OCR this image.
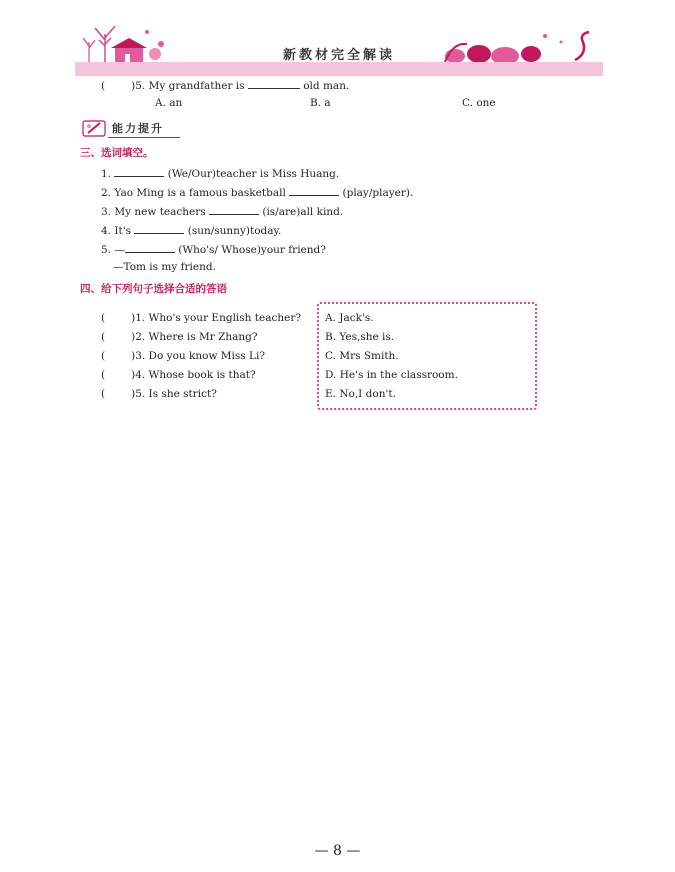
新教材完全解读
( )5. My grandfather is	old man.
A. an	B. a	C. one
能力提升
三、选词填空。
1.	(We/Our)teacher is Miss Huang.
2. Yao Ming is a famous basketball	(play/player).
3. My new teachers	(is/are)all kind.
4. It's	(sun/sunny)today.
5. —	(Who's/ Whose)your friend?
—Tom is my friend.
四、给下列句子选择合适的答语
( )1. Who's your English teacher?
( )2. Where is Mr Zhang?
( )3. Do you know Miss Li?
( )4. Whose book is that?
( )5. Is she strict?
A. Jack's.
B. Yes,she is.
C. Mrs Smith.
D. He's in the classroom.
E. No,I don't.
— 8 —
